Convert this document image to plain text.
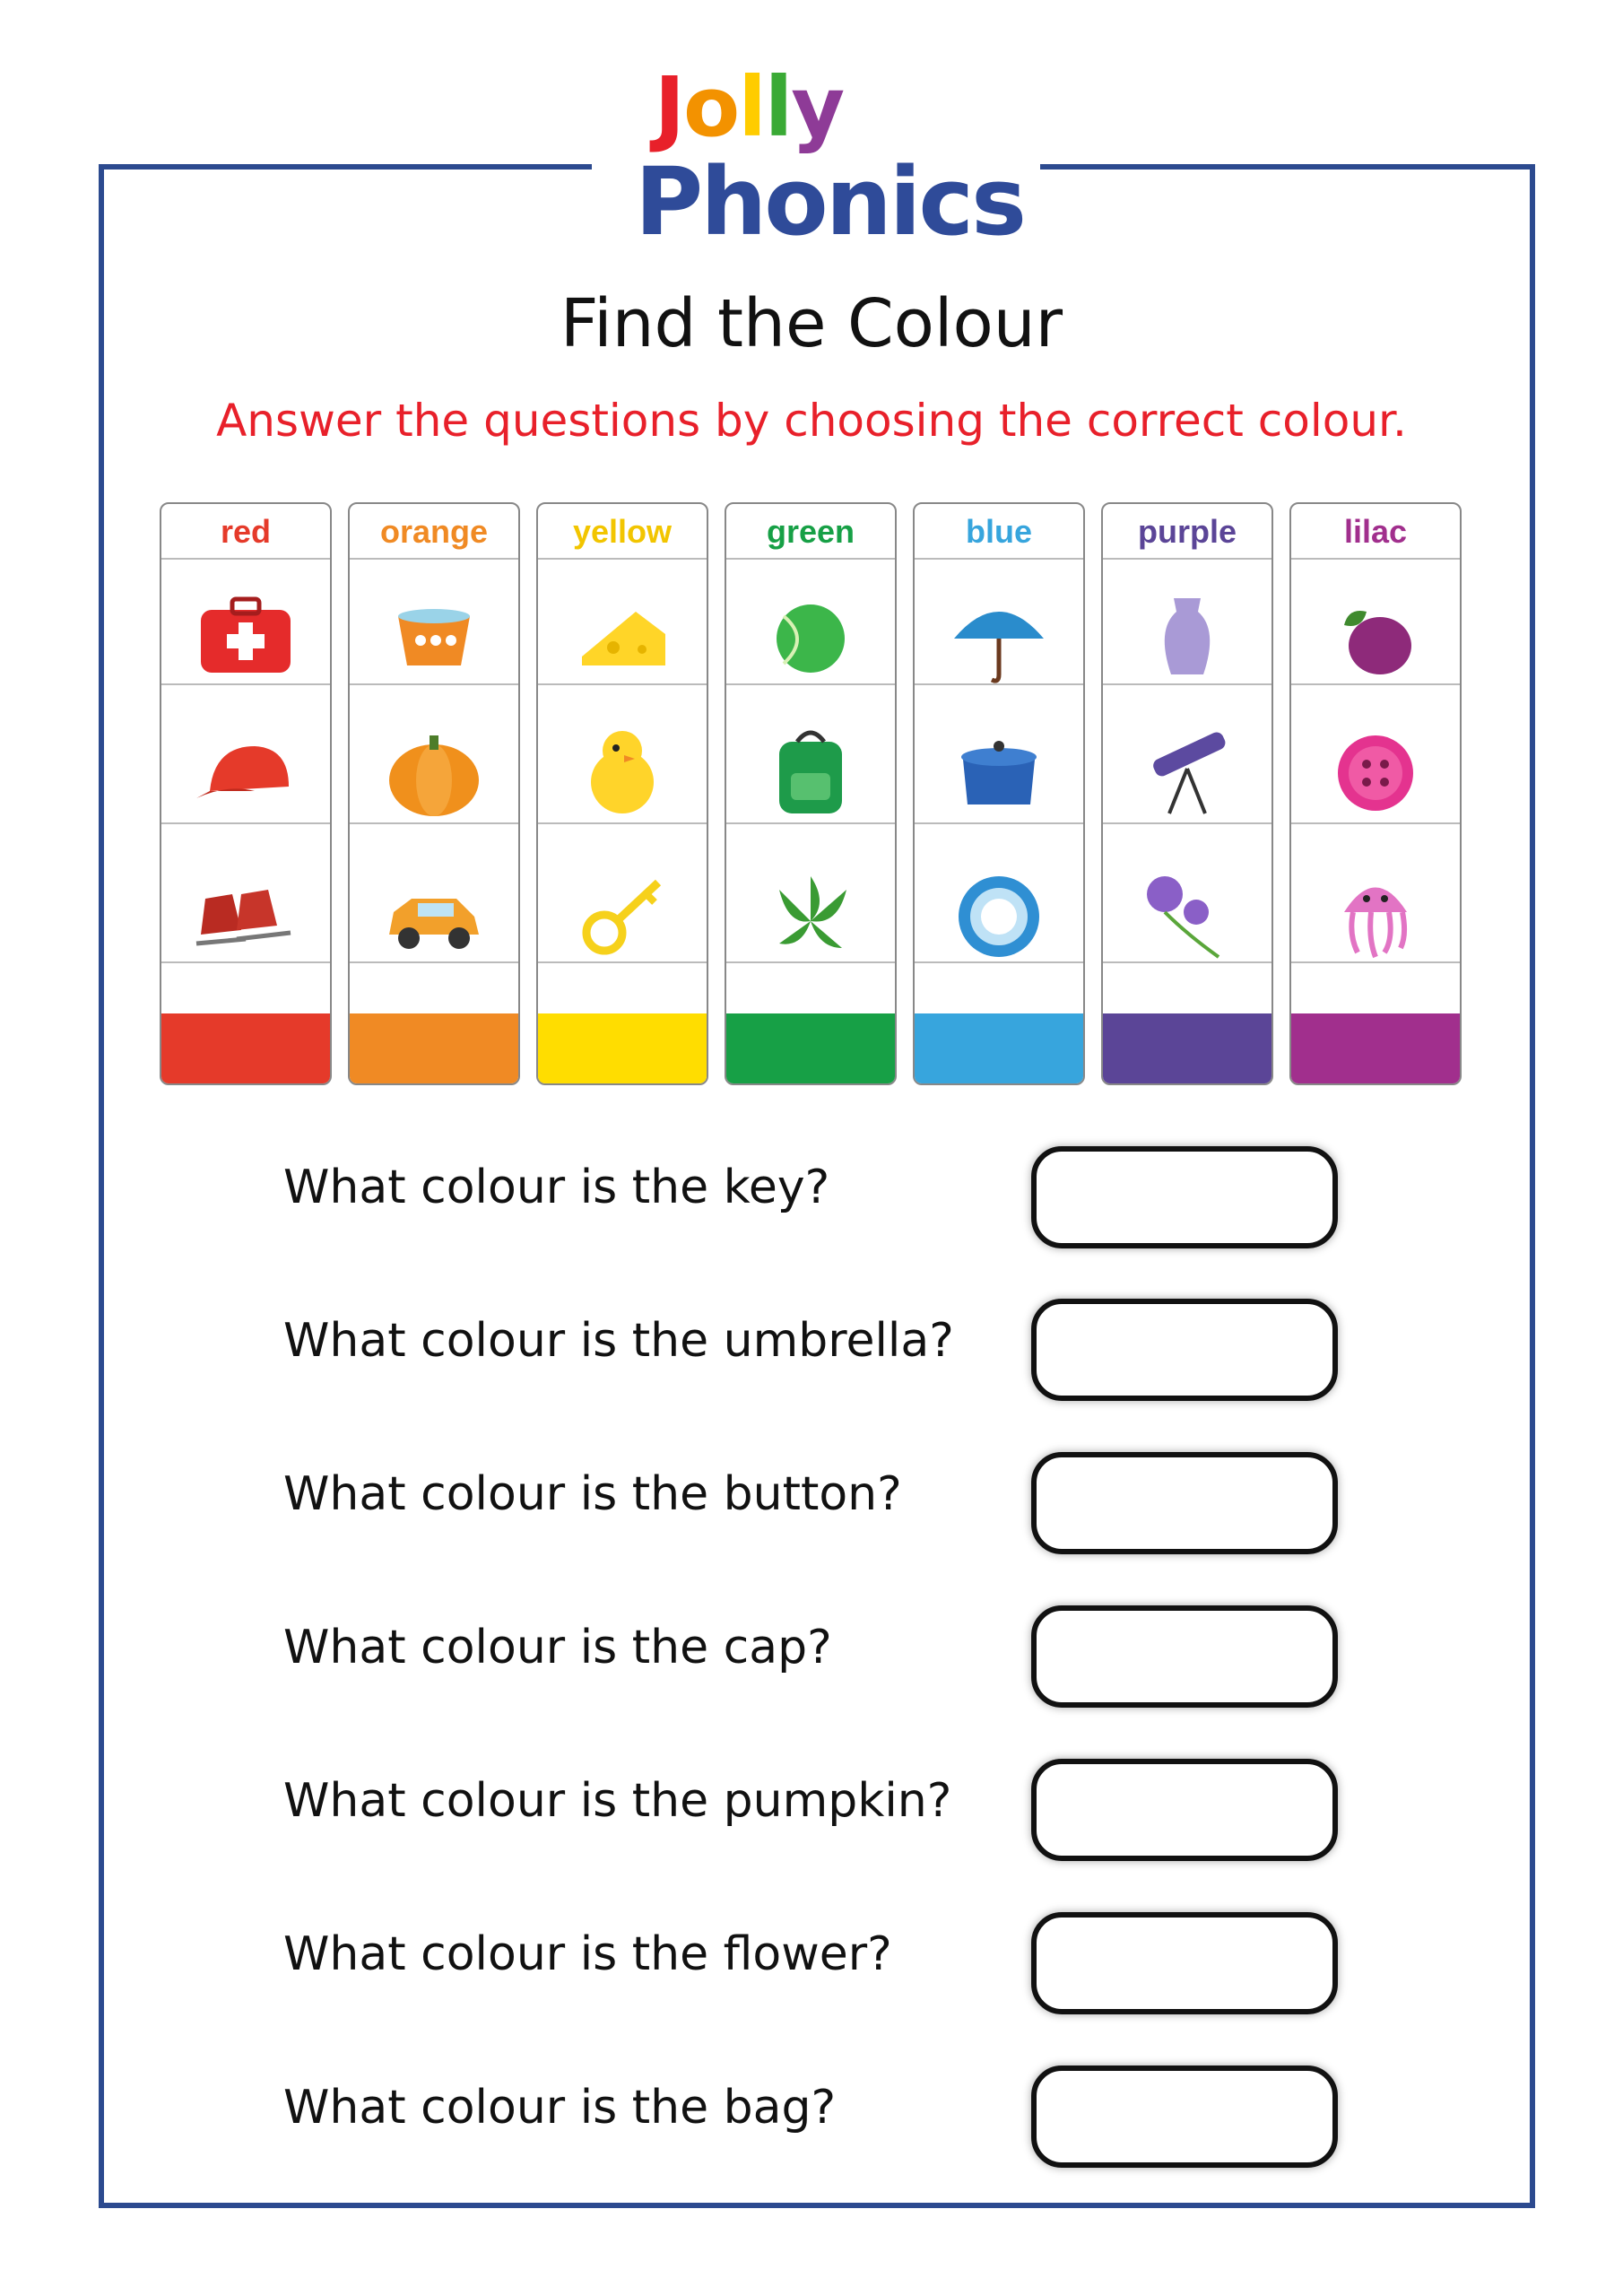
Jolly
Phonics
Find the Colour
Answer the questions by choosing the correct colour.
red	orange	yellow	green	blue	purple	lilac
What colour is the key?
What colour is the umbrella?
What colour is the button?
What colour is the cap?
What colour is the pumpkin?
What colour is the flower?
What colour is the bag?
